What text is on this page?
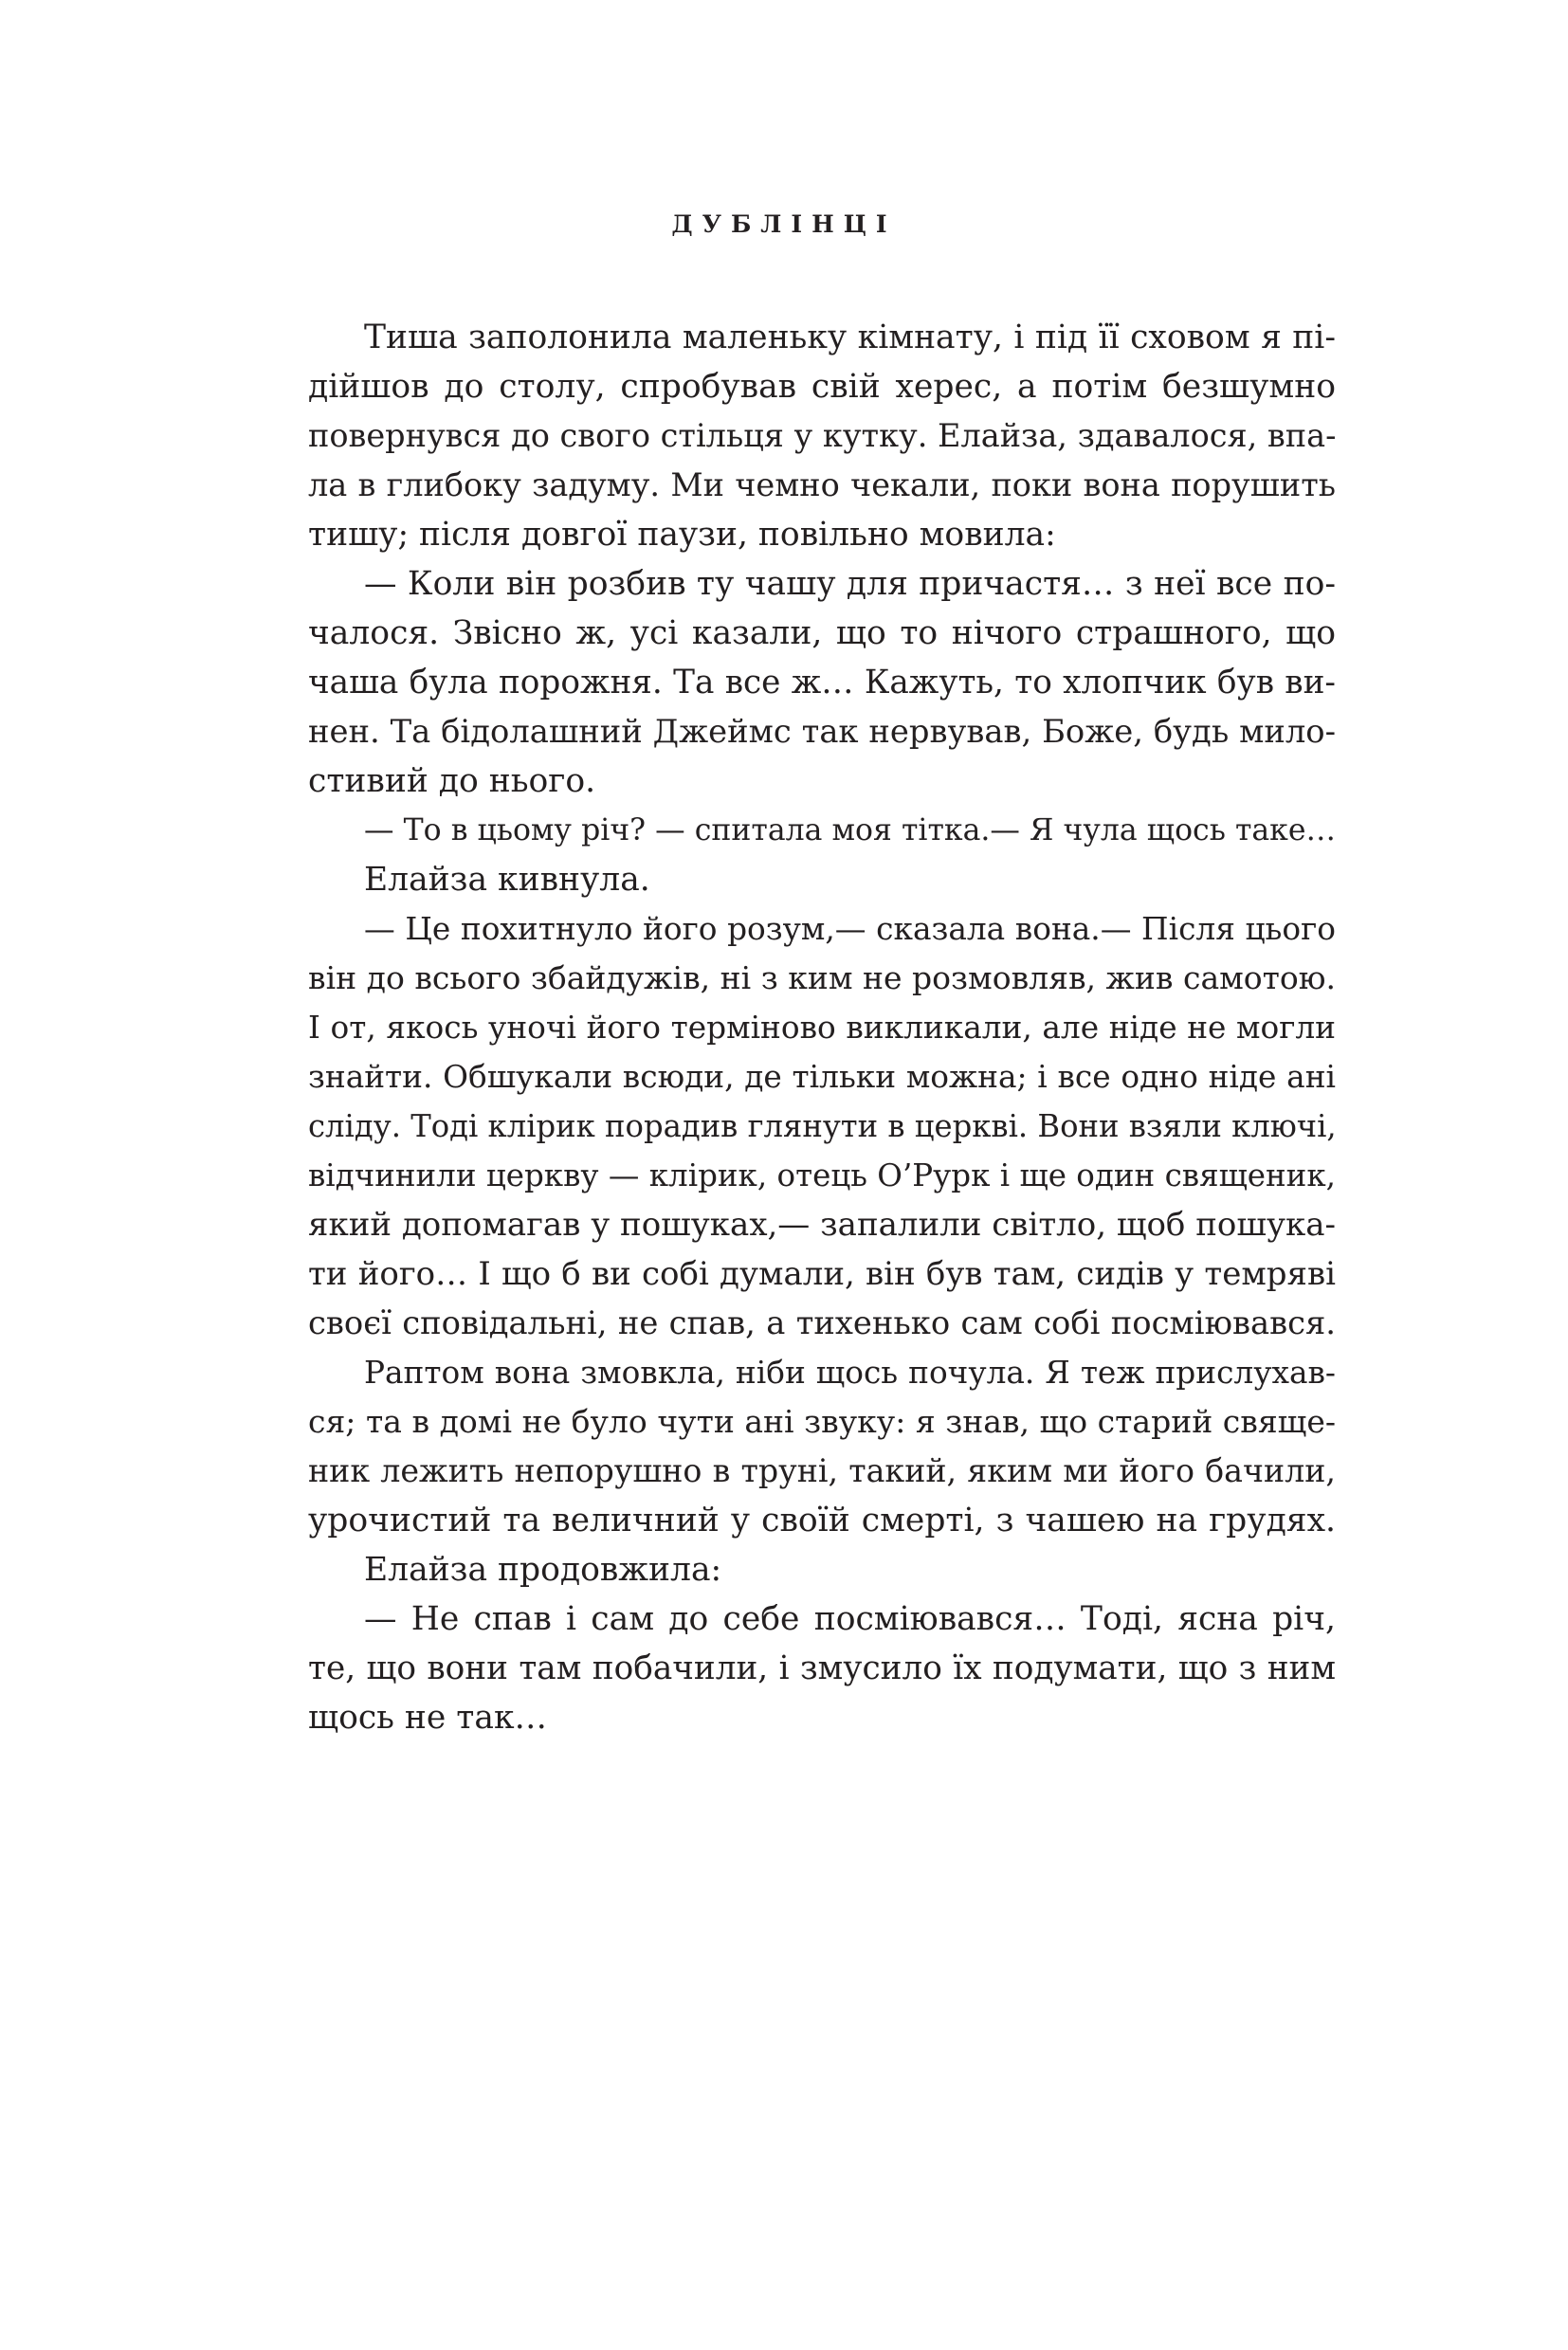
ДУБЛІНЦІ
Тиша заполонила маленьку кімнату, і під її сховом я пі-
дійшов до столу, спробував свій херес, а потім безшумно
повернувся до свого стільця у кутку. Елайза, здавалося, впа-
ла в глибоку задуму. Ми чемно чекали, поки вона порушить
тишу; після довгої паузи, повільно мовила:
— Коли він розбив ту чашу для причастя… з неї все по-
чалося. Звісно ж, усі казали, що то нічого страшного, що
чаша була порожня. Та все ж… Кажуть, то хлопчик був ви-
нен. Та бідолашний Джеймс так нервував, Боже, будь мило-
стивий до нього.
— То в цьому річ? — спитала моя тітка.— Я чула щось таке…
Елайза кивнула.
— Це похитнуло його розум,— сказала вона.— Після цього
він до всього збайдужів, ні з ким не розмовляв, жив самотою.
І от, якось уночі його терміново викликали, але ніде не могли
знайти. Обшукали всюди, де тільки можна; і все одно ніде ані
сліду. Тоді клірик порадив глянути в церкві. Вони взяли ключі,
відчинили церкву — клірик, отець О’Рурк і ще один священик,
який допомагав у пошуках,— запалили світло, щоб пошука-
ти його… І що б ви собі думали, він був там, сидів у темряві
своєї сповідальні, не спав, а тихенько сам собі посміювався.
Раптом вона змовкла, ніби щось почула. Я теж прислухав-
ся; та в домі не було чути ані звуку: я знав, що старий свяще-
ник лежить непорушно в труні, такий, яким ми його бачили,
урочистий та величний у своїй смерті, з чашею на грудях.
Елайза продовжила:
— Не спав і сам до себе посміювався… Тоді, ясна річ,
те, що вони там побачили, і змусило їх подумати, що з ним
щось не так…
